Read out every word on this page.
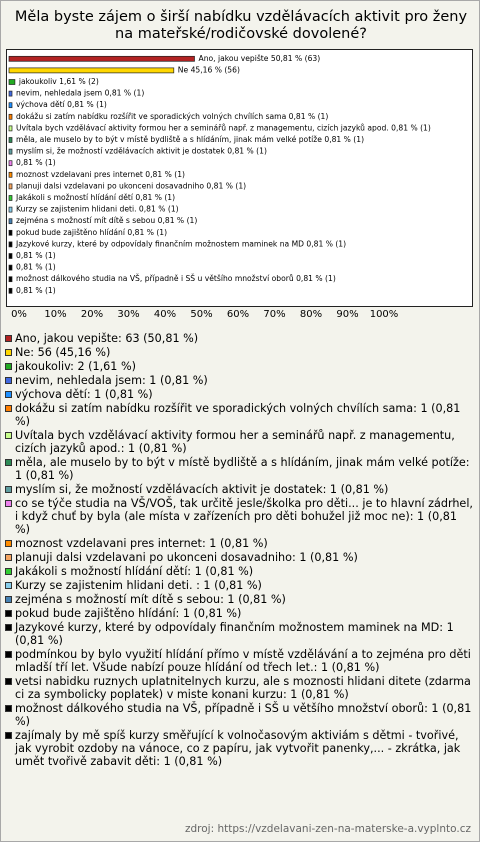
Měla byste zájem o širší nabídku vzdělávacích aktivit pro ženy na mateřské/rodičovské dovolené?
Ano, jakou vepište 50,81 % (63)
Ne 45,16 % (56)
jakoukoliv 1,61 % (2)
nevim, nehledala jsem 0,81 % (1)
výchova dětí 0,81 % (1)
dokážu si zatím nabídku rozšířit ve sporadických volných chvílích sama 0,81 % (1)
Uvítala bych vzdělávací aktivity formou her a seminářů např. z managementu, cizích jazyků apod. 0,81 % (1)
měla, ale muselo by to být v místě bydliště a s hlídáním, jinak mám velké potíže 0,81 % (1)
myslím si, že možností vzdělávacích aktivit je dostatek 0,81 % (1)
0,81 % (1)
moznost vzdelavani pres internet 0,81 % (1)
planuji dalsi vzdelavani po ukonceni dosavadniho 0,81 % (1)
Jakákoli s možností hlídání dětí 0,81 % (1)
Kurzy se zajistenim hlidani deti. 0,81 % (1)
zejména s možností mít dítě s sebou 0,81 % (1)
pokud bude zajištěno hlídání 0,81 % (1)
Jazykové kurzy, které by odpovídaly finančním možnostem maminek na MD 0,81 % (1)
0,81 % (1)
0,81 % (1)
možnost dálkového studia na VŠ, případně i SŠ u většího množství oborů 0,81 % (1)
0,81 % (1)
0% 10% 20% 30% 40% 50% 60% 70% 80% 90% 100%
Ano, jakou vepište: 63 (50,81 %)
Ne: 56 (45,16 %)
jakoukoliv: 2 (1,61 %)
nevim, nehledala jsem: 1 (0,81 %)
výchova dětí: 1 (0,81 %)
dokážu si zatím nabídku rozšířit ve sporadických volných chvílích sama: 1 (0,81 %)
Uvítala bych vzdělávací aktivity formou her a seminářů např. z managementu, cizích jazyků apod.: 1 (0,81 %)
měla, ale muselo by to být v místě bydliště a s hlídáním, jinak mám velké potíže: 1 (0,81 %)
myslím si, že možností vzdělávacích aktivit je dostatek: 1 (0,81 %)
co se týče studia na VŠ/VOŠ, tak určitě jesle/školka pro děti... je to hlavní zádrhel, i když chuť by byla (ale místa v zařízeních pro děti bohužel již moc ne): 1 (0,81 %)
moznost vzdelavani pres internet: 1 (0,81 %)
planuji dalsi vzdelavani po ukonceni dosavadniho: 1 (0,81 %)
Jakákoli s možností hlídání dětí: 1 (0,81 %)
Kurzy se zajistenim hlidani deti. : 1 (0,81 %)
zejména s možností mít dítě s sebou: 1 (0,81 %)
pokud bude zajištěno hlídání: 1 (0,81 %)
Jazykové kurzy, které by odpovídaly finančním možnostem maminek na MD: 1 (0,81 %)
podmínkou by bylo využití hlídání přímo v místě vzdělávání a to zejména pro děti mladší tří let. Všude nabízí pouze hlídání od třech let.: 1 (0,81 %)
vetsi nabidku ruznych uplatnitelnych kurzu, ale s moznosti hlidani ditete (zdarma ci za symbolicky poplatek) v miste konani kurzu: 1 (0,81 %)
možnost dálkového studia na VŠ, případně i SŠ u většího množství oborů: 1 (0,81 %)
zajímaly by mě spíš kurzy směřující k volnočasovým aktiviám s dětmi - tvořivé, jak vyrobit ozdoby na vánoce, co z papíru, jak vytvořit panenky,... - zkrátka, jak umět tvořivě zabavit děti: 1 (0,81 %)
zdroj: https://vzdelavani-zen-na-materske-a.vyplnto.cz
